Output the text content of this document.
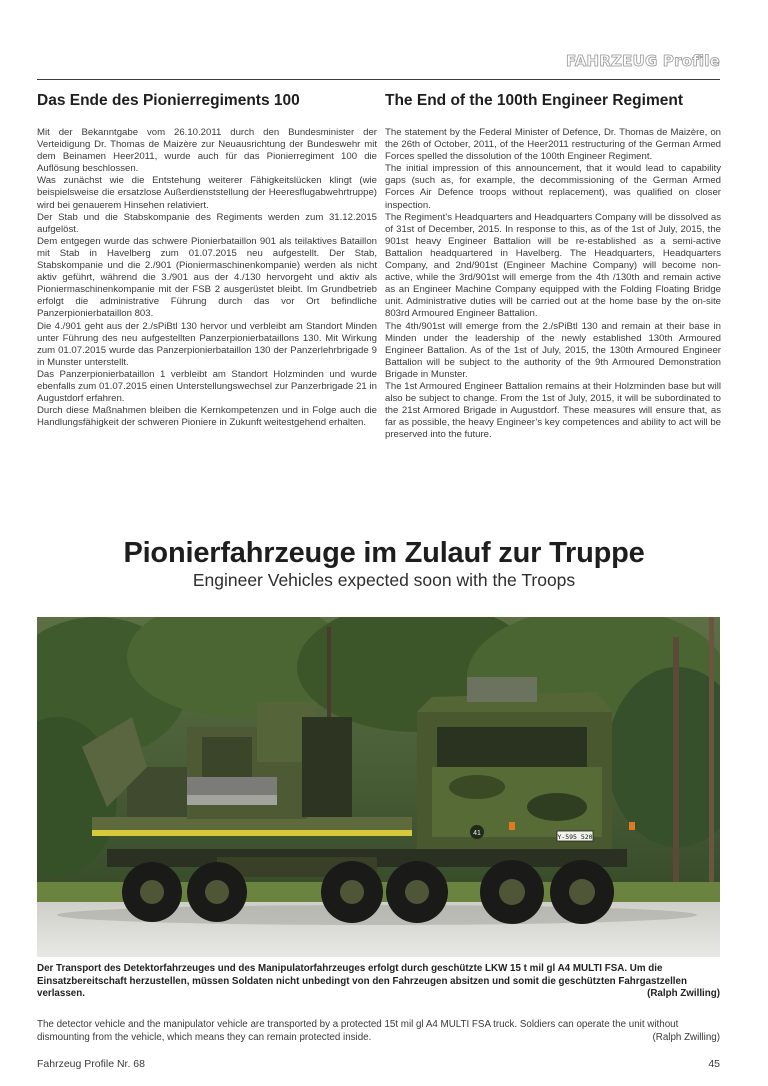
FAHRZEUG Profile
Das Ende des Pionierregiments 100

Mit der Bekanntgabe vom 26.10.2011 durch den Bundesminister der Verteidigung Dr. Thomas de Maizère zur Neuausrichtung der Bundeswehr mit dem Beinamen Heer2011, wurde auch für das Pionierregiment 100 die Auflösung beschlossen.

Was zunächst wie die Entstehung weiterer Fähigkeitslücken klingt (wie beispielsweise die ersatzlose Außerdienststellung der Heeresflugabwehrtruppe) wird bei genauerem Hinsehen relativiert.

Der Stab und die Stabskompanie des Regiments werden zum 31.12.2015 aufgelöst.

Dem entgegen wurde das schwere Pionierbataillon 901 als teilaktives Bataillon mit Stab in Havelberg zum 01.07.2015 neu aufgestellt. Der Stab, Stabskompanie und die 2./901 (Pioniermaschinenkompanie) werden als nicht aktiv geführt, während die 3./901 aus der 4./130 hervorgeht und aktiv als Pioniermaschinenkompanie mit der FSB 2 ausgerüstet bleibt. Im Grundbetrieb erfolgt die administrative Führung durch das vor Ort befindliche Panzerpionierbataillon 803.

Die 4./901 geht aus der 2./sPiBtl 130 hervor und verbleibt am Standort Minden unter Führung des neu aufgestellten Panzerpionierbataillons 130. Mit Wirkung zum 01.07.2015 wurde das Panzerpionierbataillon 130 der Panzerlehrbrigade 9 in Munster unterstellt.

Das Panzerpionierbataillon 1 verbleibt am Standort Holzminden und wurde ebenfalls zum 01.07.2015 einen Unterstellungswechsel zur Panzerbrigade 21 in Augustdorf erfahren.

Durch diese Maßnahmen bleiben die Kernkompetenzen und in Folge auch die Handlungsfähigkeit der schweren Pioniere in Zukunft weitestgehend erhalten.

The End of the 100th Engineer Regiment

The statement by the Federal Minister of Defence, Dr. Thomas de Maizère, on the 26th of October, 2011, of the Heer2011 restructuring of the German Armed Forces spelled the dissolution of the 100th Engineer Regiment.

The initial impression of this announcement, that it would lead to capability gaps (such as, for example, the decommissioning of the German Armed Forces Air Defence troops without replacement), was qualified on closer inspection.

The Regiment’s Headquarters and Headquarters Company will be dissolved as of 31st of December, 2015. In response to this, as of the 1st of July, 2015, the 901st heavy Engineer Battalion will be re-established as a semi-active Battalion headquartered in Havelberg. The Headquarters, Headquarters Company, and 2nd/901st (Engineer Machine Company) will become non-active, while the 3rd/901st will emerge from the 4th /130th and remain active as an Engineer Machine Company equipped with the Folding Floating Bridge unit. Administrative duties will be carried out at the home base by the on-site 803rd Armoured Engineer Battalion.

The 4th/901st will emerge from the 2./sPiBtl 130 and remain at their base in Minden under the leadership of the newly established 130th Armoured Engineer Battalion. As of the 1st of July, 2015, the 130th Armoured Engineer Battalion will be subject to the authority of the 9th Armoured Demonstration Brigade in Munster.

The 1st Armoured Engineer Battalion remains at their Holzminden base but will also be subject to change. From the 1st of July, 2015, it will be subordinated to the 21st Armored Brigade in Augustdorf. These measures will ensure that, as far as possible, the heavy Engineer’s key competences and ability to act will be preserved into the future.

Pionierfahrzeuge im Zulauf zur Truppe
Engineer Vehicles expected soon with the Troops
Y-595 520
41
Der Transport des Detektorfahrzeuges und des Manipulatorfahrzeuges erfolgt durch geschützte LKW 15 t mil gl A4 MULTI FSA. Um die Einsatzbereitschaft herzustellen, müssen Soldaten nicht unbedingt von den Fahrzeugen absitzen und somit die geschützten Fahrgastzellen verlassen.	(Ralph Zwilling)
The detector vehicle and the manipulator vehicle are transported by a protected 15t mil gl A4 MULTI FSA truck. Soldiers can operate the unit without dismounting from the vehicle, which means they can remain protected inside.	(Ralph Zwilling)
Fahrzeug Profile Nr. 68	45
